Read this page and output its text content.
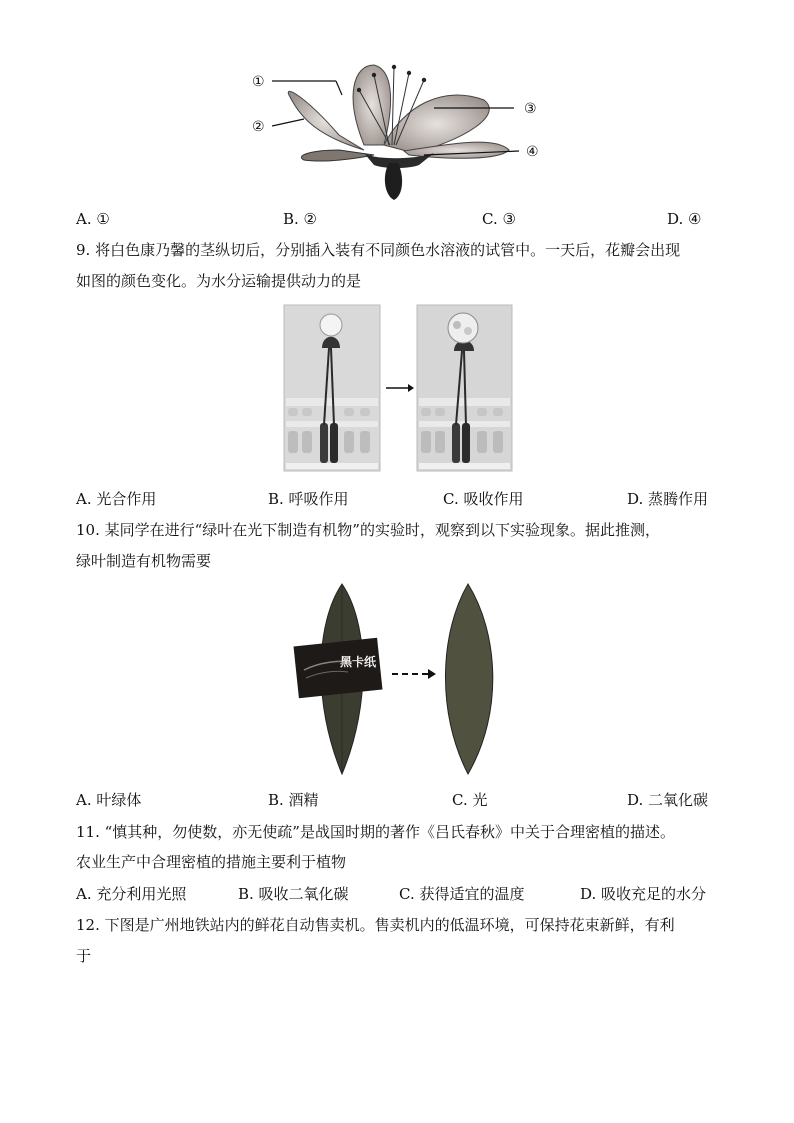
①
②
③
④
A. ①	B. ②	C. ③	D. ④
9. 将白色康乃馨的茎纵切后，分别插入装有不同颜色水溶液的试管中。一天后，花瓣会出现
如图的颜色变化。为水分运输提供动力的是
A. 光合作用	B. 呼吸作用	C. 吸收作用	D. 蒸腾作用
10. 某同学在进行“绿叶在光下制造有机物”的实验时，观察到以下实验现象。据此推测，
绿叶制造有机物需要
黑卡纸
A. 叶绿体	B. 酒精	C. 光	D. 二氧化碳
11. “慎其种，勿使数，亦无使疏”是战国时期的著作《吕氏春秋》中关于合理密植的描述。
农业生产中合理密植的措施主要利于植物
A. 充分利用光照	B. 吸收二氧化碳	C. 获得适宜的温度	D. 吸收充足的水分
12. 下图是广州地铁站内的鲜花自动售卖机。售卖机内的低温环境，可保持花束新鲜，有利
于
